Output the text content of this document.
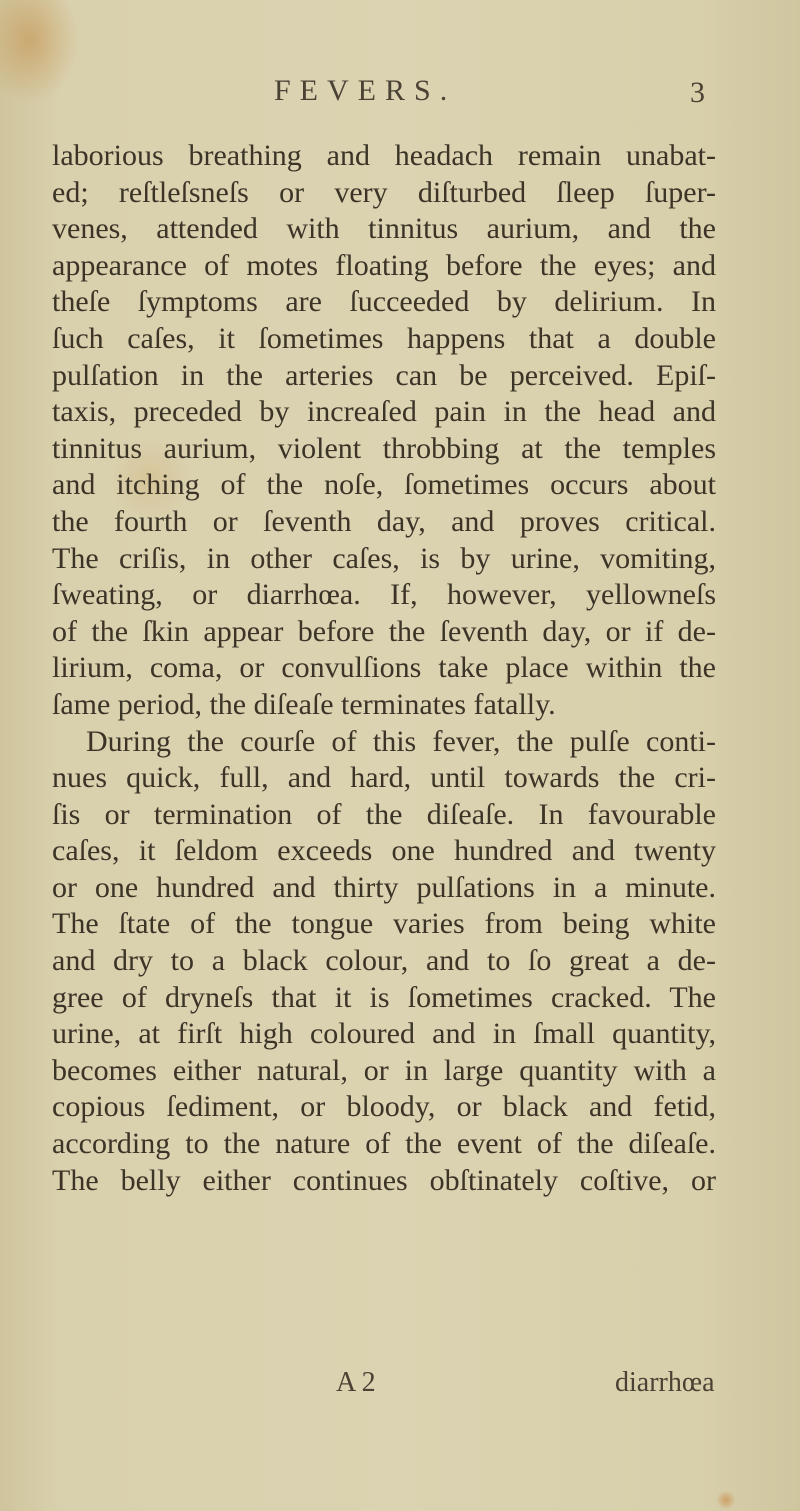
FEVERS.	3
laborious breathing and headach remain unabat-
ed; reſtleſsneſs or very diſturbed ſleep ſuper-
venes, attended with tinnitus aurium, and the
appearance of motes floating before the eyes; and
theſe ſymptoms are ſucceeded by delirium. In
ſuch caſes, it ſometimes happens that a double
pulſation in the arteries can be perceived. Epiſ-
taxis, preceded by increaſed pain in the head and
tinnitus aurium, violent throbbing at the temples
and itching of the noſe, ſometimes occurs about
the fourth or ſeventh day, and proves critical.
The criſis, in other caſes, is by urine, vomiting,
ſweating, or diarrhœa. If, however, yellowneſs
of the ſkin appear before the ſeventh day, or if de-
lirium, coma, or convulſions take place within the
ſame period, the diſeaſe terminates fatally.
During the courſe of this fever, the pulſe conti-
nues quick, full, and hard, until towards the cri-
ſis or termination of the diſeaſe. In favourable
caſes, it ſeldom exceeds one hundred and twenty
or one hundred and thirty pulſations in a minute.
The ſtate of the tongue varies from being white
and dry to a black colour, and to ſo great a de-
gree of dryneſs that it is ſometimes cracked. The
urine, at firſt high coloured and in ſmall quantity,
becomes either natural, or in large quantity with a
copious ſediment, or bloody, or black and fetid,
according to the nature of the event of the diſeaſe.
The belly either continues obſtinately coſtive, or
A 2	diarrhœa
